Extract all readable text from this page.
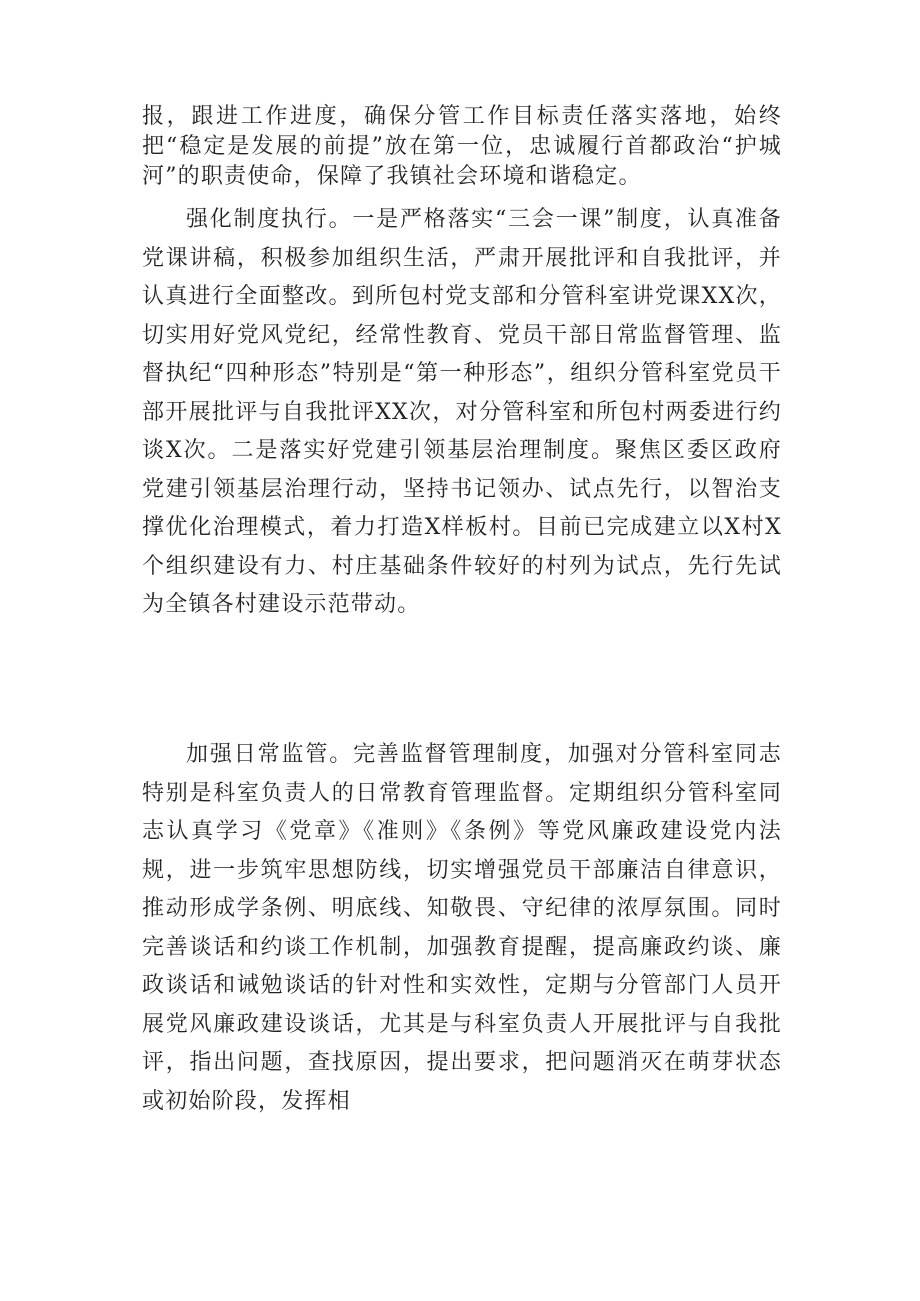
报，跟进工作进度，确保分管工作目标责任落实落地，始终把“稳定是发展的前提”放在第一位，忠诚履行首都政治“护城河”的职责使命，保障了我镇社会环境和谐稳定。

强化制度执行。一是严格落实“三会一课”制度，认真准备党课讲稿，积极参加组织生活，严肃开展批评和自我批评，并认真进行全面整改。到所包村党支部和分管科室讲党课XX次，切实用好党风党纪，经常性教育、党员干部日常监督管理、监督执纪“四种形态”特别是“第一种形态”，组织分管科室党员干部开展批评与自我批评XX次，对分管科室和所包村两委进行约谈X次。二是落实好党建引领基层治理制度。聚焦区委区政府党建引领基层治理行动，坚持书记领办、试点先行，以智治支撑优化治理模式，着力打造X样板村。目前已完成建立以X村X个组织建设有力、村庄基础条件较好的村列为试点，先行先试为全镇各村建设示范带动。

加强日常监管。完善监督管理制度，加强对分管科室同志特别是科室负责人的日常教育管理监督。定期组织分管科室同志认真学习《党章》《准则》《条例》等党风廉政建设党内法规，进一步筑牢思想防线，切实增强党员干部廉洁自律意识，推动形成学条例、明底线、知敬畏、守纪律的浓厚氛围。同时完善谈话和约谈工作机制，加强教育提醒，提高廉政约谈、廉政谈话和诫勉谈话的针对性和实效性，定期与分管部门人员开展党风廉政建设谈话，尤其是与科室负责人开展批评与自我批评，指出问题，查找原因，提出要求，把问题消灭在萌芽状态或初始阶段，发挥相
